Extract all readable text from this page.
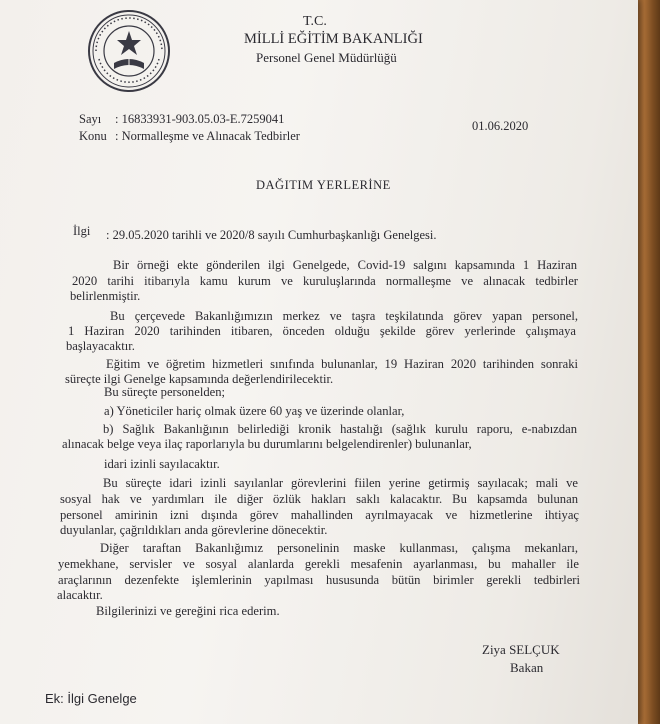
T.C.
MİLLİ EĞİTİM BAKANLIĞI
Personel Genel Müdürlüğü
Sayı : 16833931-903.05.03-E.7259041
Konu : Normalleşme ve Alınacak Tedbirler
01.06.2020
DAĞITIM YERLERİNE
İlgi : 29.05.2020 tarihli ve 2020/8 sayılı Cumhurbaşkanlığı Genelgesi.
Bir örneği ekte gönderilen ilgi Genelgede, Covid-19 salgını kapsamında 1 Haziran
2020 tarihi itibarıyla kamu kurum ve kuruluşlarında normalleşme ve alınacak tedbirler
belirlenmiştir.
Bu çerçevede Bakanlığımızın merkez ve taşra teşkilatında görev yapan personel,
1 Haziran 2020 tarihinden itibaren, önceden olduğu şekilde görev yerlerinde çalışmaya
başlayacaktır.
Eğitim ve öğretim hizmetleri sınıfında bulunanlar, 19 Haziran 2020 tarihinden sonraki
süreçte ilgi Genelge kapsamında değerlendirilecektir.
Bu süreçte personelden;
a) Yöneticiler hariç olmak üzere 60 yaş ve üzerinde olanlar,
b) Sağlık Bakanlığının belirlediği kronik hastalığı (sağlık kurulu raporu, e-nabızdan
alınacak belge veya ilaç raporlarıyla bu durumlarını belgelendirenler) bulunanlar,
idari izinli sayılacaktır.
Bu süreçte idari izinli sayılanlar görevlerini fiilen yerine getirmiş sayılacak; mali ve
sosyal hak ve yardımları ile diğer özlük hakları saklı kalacaktır. Bu kapsamda bulunan
personel amirinin izni dışında görev mahallinden ayrılmayacak ve hizmetlerine ihtiyaç
duyulanlar, çağrıldıkları anda görevlerine dönecektir.
Diğer taraftan Bakanlığımız personelinin maske kullanması, çalışma mekanları,
yemekhane, servisler ve sosyal alanlarda gerekli mesafenin ayarlanması, bu mahaller ile
araçlarının dezenfekte işlemlerinin yapılması hususunda bütün birimler gerekli tedbirleri
alacaktır.
Bilgilerinizi ve gereğini rica ederim.
Ziya SELÇUK
Bakan
Ek: İlgi Genelge
